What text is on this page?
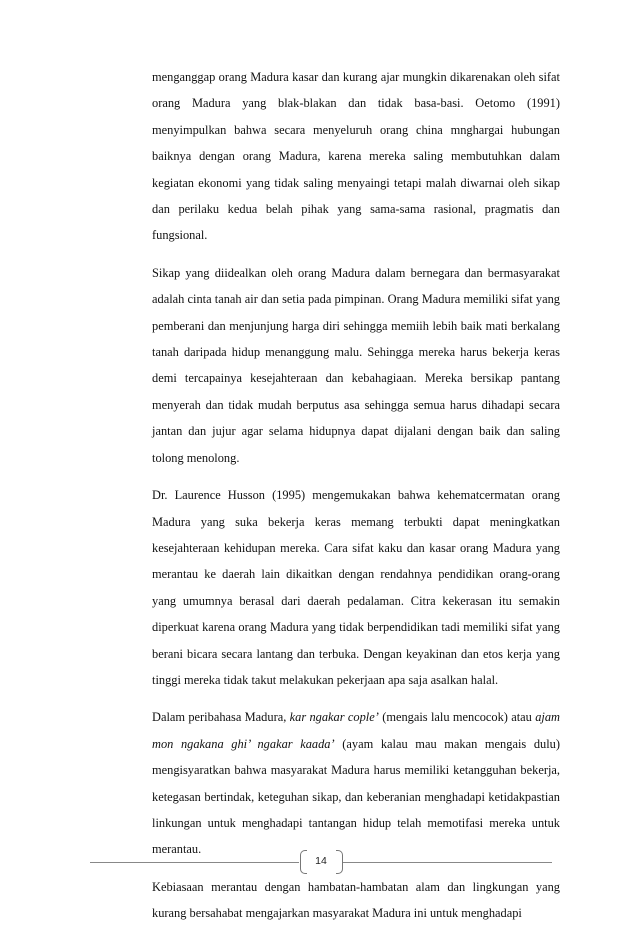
menganggap orang Madura kasar dan kurang ajar mungkin dikarenakan oleh sifat orang Madura yang blak-blakan dan tidak basa-basi. Oetomo (1991) menyimpulkan bahwa secara menyeluruh orang china mnghargai hubungan baiknya dengan orang Madura, karena mereka saling membutuhkan dalam kegiatan ekonomi yang tidak saling menyaingi tetapi malah diwarnai oleh sikap dan perilaku kedua belah pihak yang sama-sama rasional, pragmatis dan fungsional.

Sikap yang diidealkan oleh orang Madura dalam bernegara dan bermasyarakat adalah cinta tanah air dan setia pada pimpinan. Orang Madura memiliki sifat yang pemberani dan menjunjung harga diri sehingga memiih lebih baik mati berkalang tanah daripada hidup menanggung malu. Sehingga mereka harus bekerja keras demi tercapainya kesejahteraan dan kebahagiaan. Mereka bersikap pantang menyerah dan tidak mudah berputus asa sehingga semua harus dihadapi secara jantan dan jujur agar selama hidupnya dapat dijalani dengan baik dan saling tolong menolong.

Dr. Laurence Husson (1995) mengemukakan bahwa kehematcermatan orang Madura yang suka bekerja keras memang terbukti dapat meningkatkan kesejahteraan kehidupan mereka. Cara sifat kaku dan kasar orang Madura yang merantau ke daerah lain dikaitkan dengan rendahnya pendidikan orang-orang yang umumnya berasal dari daerah pedalaman. Citra kekerasan itu semakin diperkuat karena orang Madura yang tidak berpendidikan tadi memiliki sifat yang berani bicara secara lantang dan terbuka. Dengan keyakinan dan etos kerja yang tinggi mereka tidak takut melakukan pekerjaan apa saja asalkan halal.

Dalam peribahasa Madura, kar ngakar cople’ (mengais lalu mencocok) atau ajam mon ngakana ghi’ ngakar kaada’ (ayam kalau mau makan mengais dulu) mengisyaratkan bahwa masyarakat Madura harus memiliki ketangguhan bekerja, ketegasan bertindak, keteguhan sikap, dan keberanian menghadapi ketidakpastian linkungan untuk menghadapi tantangan hidup telah memotifasi mereka untuk merantau.

Kebiasaan merantau dengan hambatan-hambatan alam dan lingkungan yang kurang bersahabat mengajarkan masyarakat Madura ini untuk menghadapi

14
